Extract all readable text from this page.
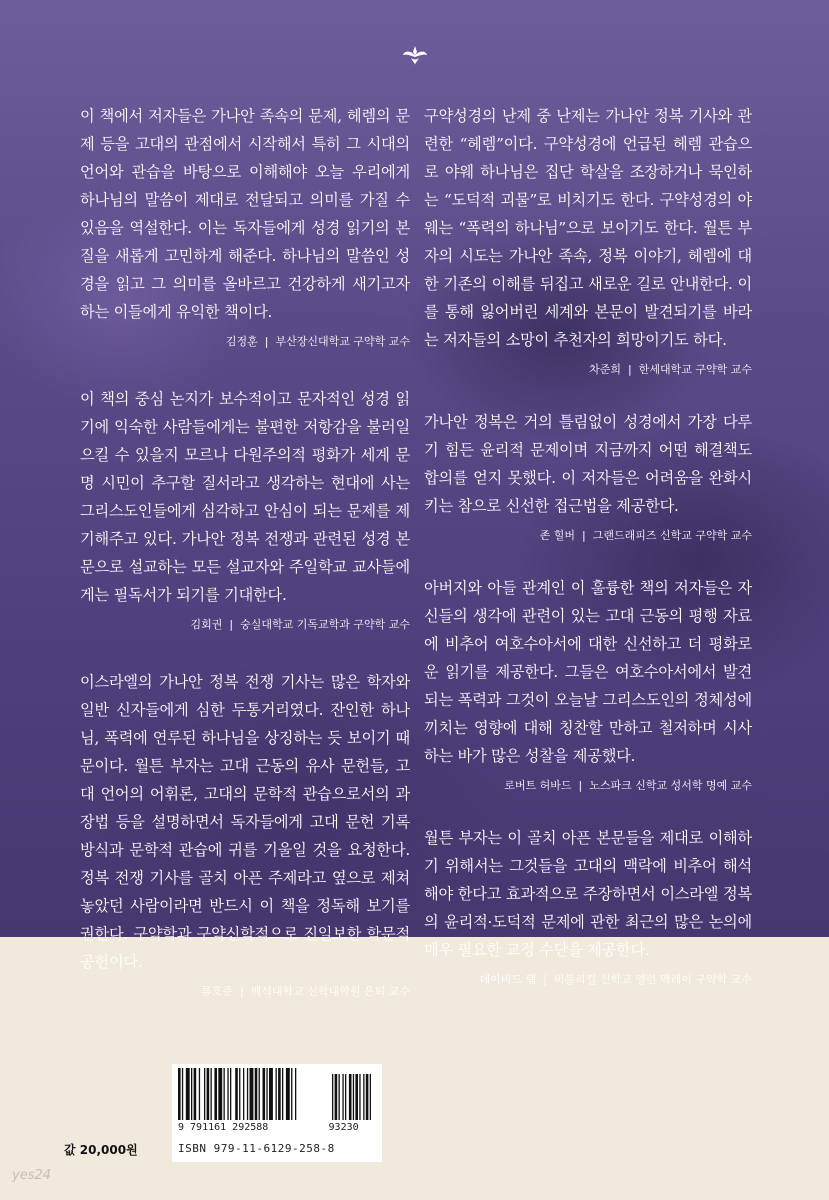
이 책에서 저자들은 가나안 족속의 문제, 헤렘의 문제 등을 고대의 관점에서 시작해서 특히 그 시대의 언어와 관습을 바탕으로 이해해야 오늘 우리에게 하나님의 말씀이 제대로 전달되고 의미를 가질 수 있음을 역설한다. 이는 독자들에게 성경 읽기의 본질을 새롭게 고민하게 해준다. 하나님의 말씀인 성경을 읽고 그 의미를 올바르고 건강하게 새기고자 하는 이들에게 유익한 책이다.

김정훈 | 부산장신대학교 구약학 교수

이 책의 중심 논지가 보수적이고 문자적인 성경 읽기에 익숙한 사람들에게는 불편한 저항감을 불러일으킬 수 있을지 모르나 다원주의적 평화가 세계 문명 시민이 추구할 질서라고 생각하는 현대에 사는 그리스도인들에게 심각하고 안심이 되는 문제를 제기해주고 있다. 가나안 정복 전쟁과 관련된 성경 본문으로 설교하는 모든 설교자와 주일학교 교사들에게는 필독서가 되기를 기대한다.

김회권 | 숭실대학교 기독교학과 구약학 교수

이스라엘의 가나안 정복 전쟁 기사는 많은 학자와 일반 신자들에게 심한 두통거리였다. 잔인한 하나님, 폭력에 연루된 하나님을 상징하는 듯 보이기 때문이다. 월튼 부자는 고대 근동의 유사 문헌들, 고대 언어의 어휘론, 고대의 문학적 관습으로서의 과장법 등을 설명하면서 독자들에게 고대 문헌 기록 방식과 문학적 관습에 귀를 기울일 것을 요청한다. 정복 전쟁 기사를 골치 아픈 주제라고 옆으로 제쳐놓았던 사람이라면 반드시 이 책을 정독해 보기를 권한다. 구약학과 구약신학적으로 진일보한 학문적 공헌이다.

류호준 | 백석대학교 신학대학원 은퇴 교수

구약성경의 난제 중 난제는 가나안 정복 기사와 관련한 “헤렘”이다. 구약성경에 언급된 헤렘 관습으로 야웨 하나님은 집단 학살을 조장하거나 묵인하는 “도덕적 괴물”로 비치기도 한다. 구약성경의 야웨는 “폭력의 하나님”으로 보이기도 한다. 월튼 부자의 시도는 가나안 족속, 정복 이야기, 헤렘에 대한 기존의 이해를 뒤집고 새로운 길로 안내한다. 이를 통해 잃어버린 세계와 본문이 발견되기를 바라는 저자들의 소망이 추천자의 희망이기도 하다.

차준희 | 한세대학교 구약학 교수

가나안 정복은 거의 틀림없이 성경에서 가장 다루기 힘든 윤리적 문제이며 지금까지 어떤 해결책도 합의를 얻지 못했다. 이 저자들은 어려움을 완화시키는 참으로 신선한 접근법을 제공한다.

존 힐버 | 그랜드래피즈 신학교 구약학 교수

아버지와 아들 관계인 이 훌륭한 책의 저자들은 자신들의 생각에 관련이 있는 고대 근동의 평행 자료에 비추어 여호수아서에 대한 신선하고 더 평화로운 읽기를 제공한다. 그들은 여호수아서에서 발견되는 폭력과 그것이 오늘날 그리스도인의 정체성에 끼치는 영향에 대해 칭찬할 만하고 철저하며 시사하는 바가 많은 성찰을 제공했다.

로버트 허바드 | 노스파크 신학교 성서학 명예 교수

월튼 부자는 이 골치 아픈 본문들을 제대로 이해하기 위해서는 그것들을 고대의 맥락에 비추어 해석해야 한다고 효과적으로 주장하면서 이스라엘 정복의 윤리적·도덕적 문제에 관한 최근의 많은 논의에 매우 필요한 교정 수단을 제공한다.

데이비드 램 | 비블리컬 신학교 앨런 맥레이 구약학 교수
9 791161 292588	93230
ISBN 979-11-6129-258-8
값 20,000원
yes24
